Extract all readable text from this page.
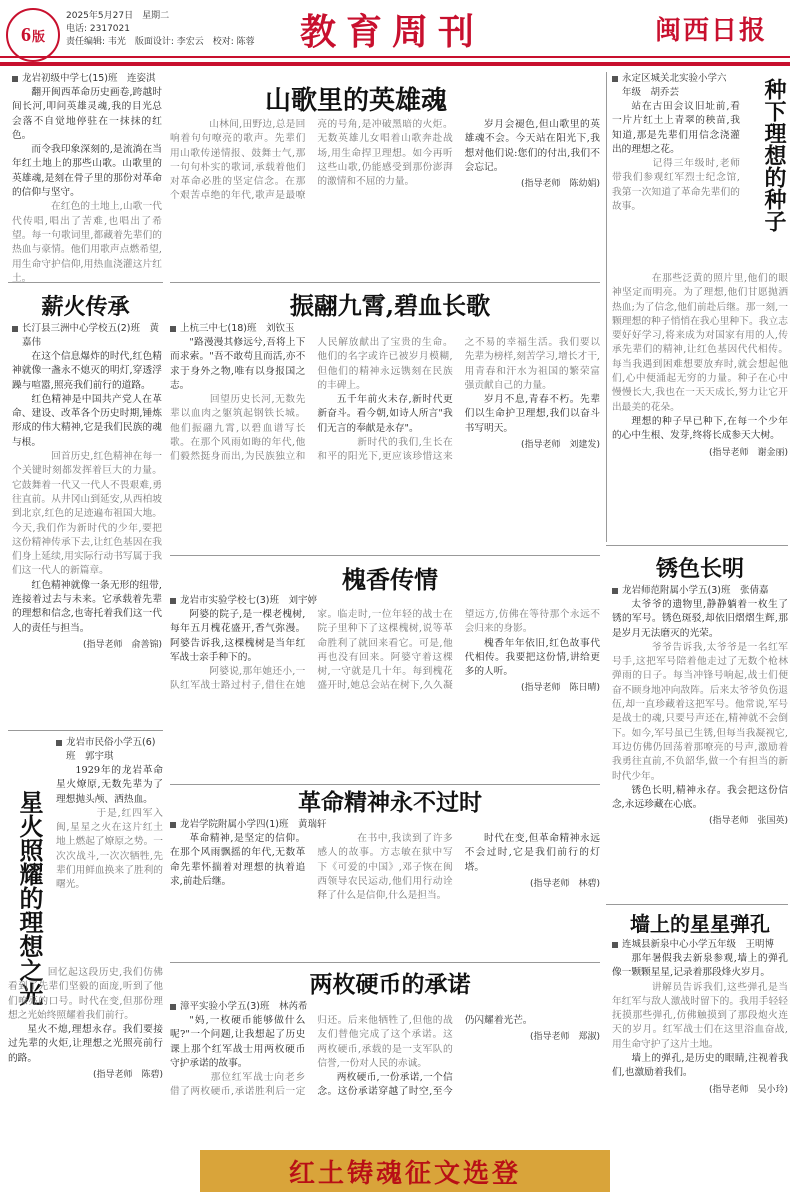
6 版
2025年5月27日　星期二
电话: 2317021
责任编辑: 韦光　版面设计: 李宏云　校对: 陈蓉 教育周刊	闽西日报
山歌里的英雄魂
龙岩初级中学七(15)班　连姿淇

翻开闽西革命历史画卷,跨越时间长河,叩问英雄灵魂,我的目光总会落不自觉地停驻在一抹抹的红色。

而令我印象深刻的,是流淌在当年红土地上的那些山歌。山歌里的英雄魂,是刻在骨子里的那份对革命的信仰与坚守。

　　在红色的土地上,山歌一代代传唱,唱出了苦难,也唱出了希望。每一句歌词里,都藏着先辈们的热血与豪情。他们用歌声点燃希望,用生命守护信仰,用热血浇灌这片红土。
　　山林间,田野边,总是回响着句句嘹亮的歌声。先辈们用山歌传递情报、鼓舞士气,那一句句朴实的歌词,承载着他们对革命必胜的坚定信念。在那个艰苦卓绝的年代,歌声是最嘹亮的号角,是冲破黑暗的火炬。无数英雄儿女唱着山歌奔赴战场,用生命捍卫理想。如今再听这些山歌,仍能感受到那份澎湃的激情和不屈的力量。

岁月会褪色,但山歌里的英雄魂不会。今天站在阳光下,我想对他们说:您们的付出,我们不会忘记。

(指导老师　陈幼娟)
永定区城关北实验小学六年级　胡乔芸	种下理想的种子

站在古田会议旧址前,看一片片红土上青翠的秧苗,我知道,那是先辈们用信念浇灌出的理想之花。

　　记得三年级时,老师带我们参观红军烈士纪念馆,我第一次知道了革命先辈们的故事。
　　在那些泛黄的照片里,他们的眼神坚定而明亮。为了理想,他们甘愿抛洒热血;为了信念,他们前赴后继。那一刻,一颗理想的种子悄悄在我心里种下。我立志要好好学习,将来成为对国家有用的人,传承先辈们的精神,让红色基因代代相传。每当我遇到困难想要放弃时,就会想起他们,心中便涌起无穷的力量。种子在心中慢慢长大,我也在一天天成长,努力让它开出最美的花朵。

理想的种子早已种下,在每一个少年的心中生根、发芽,终将长成参天大树。

(指导老师　谢金丽)
薪火传承
长汀县三洲中心学校五(2)班　黄嘉伟

在这个信息爆炸的时代,红色精神就像一盏永不熄灭的明灯,穿透浮躁与喧嚣,照亮我们前行的道路。

红色精神是中国共产党人在革命、建设、改革各个历史时期,锤炼形成的伟大精神,它是我们民族的魂与根。

　　回首历史,红色精神在每一个关键时刻都发挥着巨大的力量。它鼓舞着一代又一代人不畏艰难,勇往直前。从井冈山到延安,从西柏坡到北京,红色的足迹遍布祖国大地。今天,我们作为新时代的少年,要把这份精神传承下去,让红色基因在我们身上延续,用实际行动书写属于我们这一代人的新篇章。

红色精神就像一条无形的纽带,连接着过去与未来。它承载着先辈的理想和信念,也寄托着我们这一代人的责任与担当。

(指导老师　俞善锦)
振翮九霄,碧血长歌
上杭三中七(18)班　刘钦玉

"路漫漫其修远兮,吾将上下而求索。"吾不敢苟且而活,亦不求于身外之物,唯有以身报国之志。

　　回望历史长河,无数先辈以血肉之躯筑起钢铁长城。他们振翮九霄,以碧血谱写长歌。在那个风雨如晦的年代,他们毅然挺身而出,为民族独立和人民解放献出了宝贵的生命。他们的名字或许已被岁月模糊,但他们的精神永远镌刻在民族的丰碑上。

五千年前火未存,新时代更新奋斗。看今朝,如诗人所言"我们无言的奉献是永存"。

　　新时代的我们,生长在和平的阳光下,更应该珍惜这来之不易的幸福生活。我们要以先辈为榜样,刻苦学习,增长才干,用青春和汗水为祖国的繁荣富强贡献自己的力量。

岁月不息,青春不朽。先辈们以生命护卫理想,我们以奋斗书写明天。

(指导老师　刘建发)
槐香传情
龙岩市实验学校七(3)班　刘宇婷

阿婆的院子,是一棵老槐树,每年五月槐花盛开,香气弥漫。阿婆告诉我,这棵槐树是当年红军战士亲手种下的。

　　阿婆说,那年她还小,一队红军战士路过村子,借住在她家。临走时,一位年轻的战士在院子里种下了这棵槐树,说等革命胜利了就回来看它。可是,他再也没有回来。阿婆守着这棵树,一守就是几十年。每到槐花盛开时,她总会站在树下,久久凝望远方,仿佛在等待那个永远不会归来的身影。

槐香年年依旧,红色故事代代相传。我要把这份情,讲给更多的人听。

(指导老师　陈日晴)
锈色长明
龙岩师范附属小学五(3)班　张倩嘉

太爷爷的遗物里,静静躺着一枚生了锈的军号。锈色斑驳,却依旧熠熠生辉,那是岁月无法磨灭的光荣。

　　爷爷告诉我,太爷爷是一名红军号手,这把军号陪着他走过了无数个枪林弹雨的日子。每当冲锋号响起,战士们便奋不顾身地冲向敌阵。后来太爷爷负伤退伍,却一直珍藏着这把军号。他常说,军号是战士的魂,只要号声还在,精神就不会倒下。如今,军号虽已生锈,但每当我凝视它,耳边仿佛仍回荡着那嘹亮的号声,激励着我勇往直前,不负韶华,做一个有担当的新时代少年。

锈色长明,精神永存。我会把这份信念,永远珍藏在心底。

(指导老师　张国英)
星火照耀的理想之光
龙岩市民俗小学五(6)班　郭宇琪

1929年的龙岩革命星火燎原,无数先辈为了理想抛头颅、洒热血。

　　于是,红四军入闽,星星之火在这片红土地上燃起了燎原之势。一次次战斗,一次次牺牲,先辈们用鲜血换来了胜利的曙光。
　　回忆起这段历史,我们仿佛看到了先辈们坚毅的面庞,听到了他们嘹亮的口号。时代在变,但那份理想之光始终照耀着我们前行。

星火不熄,理想永存。我们要接过先辈的火炬,让理想之光照亮前行的路。

(指导老师　陈碧)
革命精神永不过时
龙岩学院附属小学四(1)班　黄瑞轩

革命精神,是坚定的信仰。在那个风雨飘摇的年代,无数革命先辈怀揣着对理想的执着追求,前赴后继。

　　在书中,我读到了许多感人的故事。方志敏在狱中写下《可爱的中国》,邓子恢在闽西领导农民运动,他们用行动诠释了什么是信仰,什么是担当。

时代在变,但革命精神永远不会过时,它是我们前行的灯塔。

(指导老师　林碧)
墙上的星星弹孔
连城县新泉中心小学五年级　王明博

那年暑假我去新泉参观,墙上的弹孔像一颗颗星星,记录着那段烽火岁月。

　　讲解员告诉我们,这些弹孔是当年红军与敌人激战时留下的。我用手轻轻抚摸那些弹孔,仿佛触摸到了那段炮火连天的岁月。红军战士们在这里浴血奋战,用生命守护了这片土地。

墙上的弹孔,是历史的眼睛,注视着我们,也激励着我们。

(指导老师　吴小玲)
两枚硬币的承诺
漳平实验小学五(3)班　林芮希

"妈,一枚硬币能够做什么呢?"一个问题,让我想起了历史课上那个红军战士用两枚硬币守护承诺的故事。

　　那位红军战士向老乡借了两枚硬币,承诺胜利后一定归还。后来他牺牲了,但他的战友们替他完成了这个承诺。这两枚硬币,承载的是一支军队的信誉,一份对人民的赤诚。

两枚硬币,一份承诺,一个信念。这份承诺穿越了时空,至今仍闪耀着光芒。

(指导老师　郑淑)
红土铸魂征文选登
